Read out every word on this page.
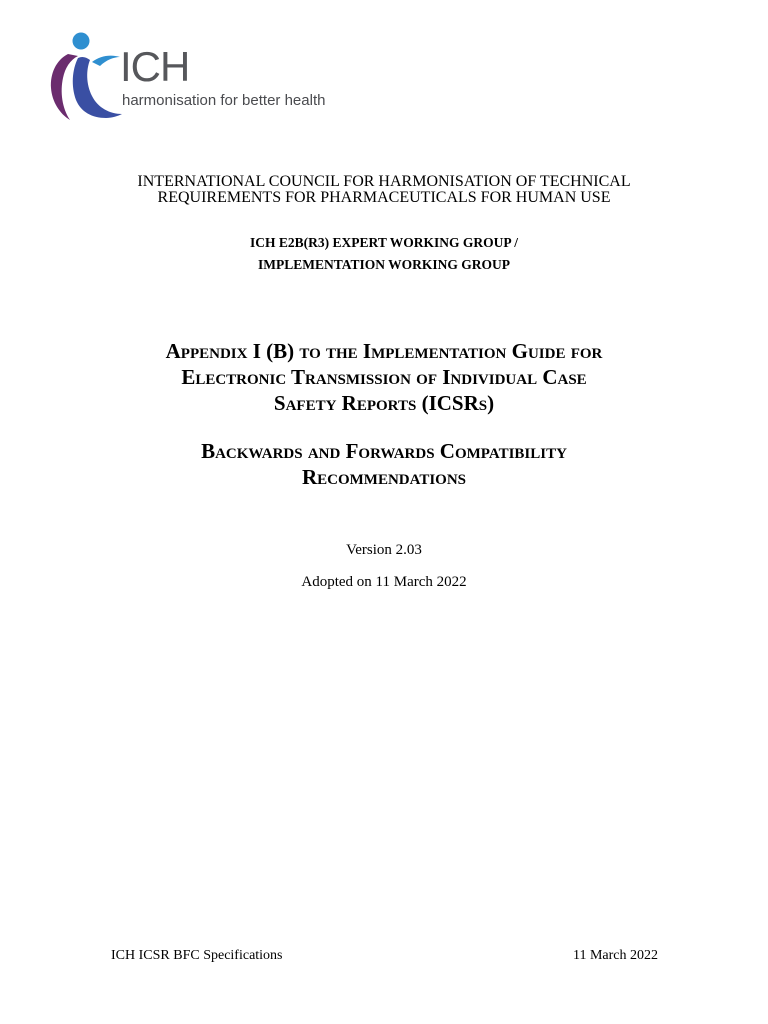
ICH
harmonisation for better health
INTERNATIONAL COUNCIL FOR HARMONISATION OF TECHNICAL
REQUIREMENTS FOR PHARMACEUTICALS FOR HUMAN USE
ICH E2B(R3) EXPERT WORKING GROUP /
IMPLEMENTATION WORKING GROUP
Appendix I (B) to the Implementation Guide for
Electronic Transmission of Individual Case
Safety Reports (ICSRs)
Backwards and Forwards Compatibility
Recommendations
Version 2.03
Adopted on 11 March 2022
ICH ICSR BFC Specifications	11 March 2022
